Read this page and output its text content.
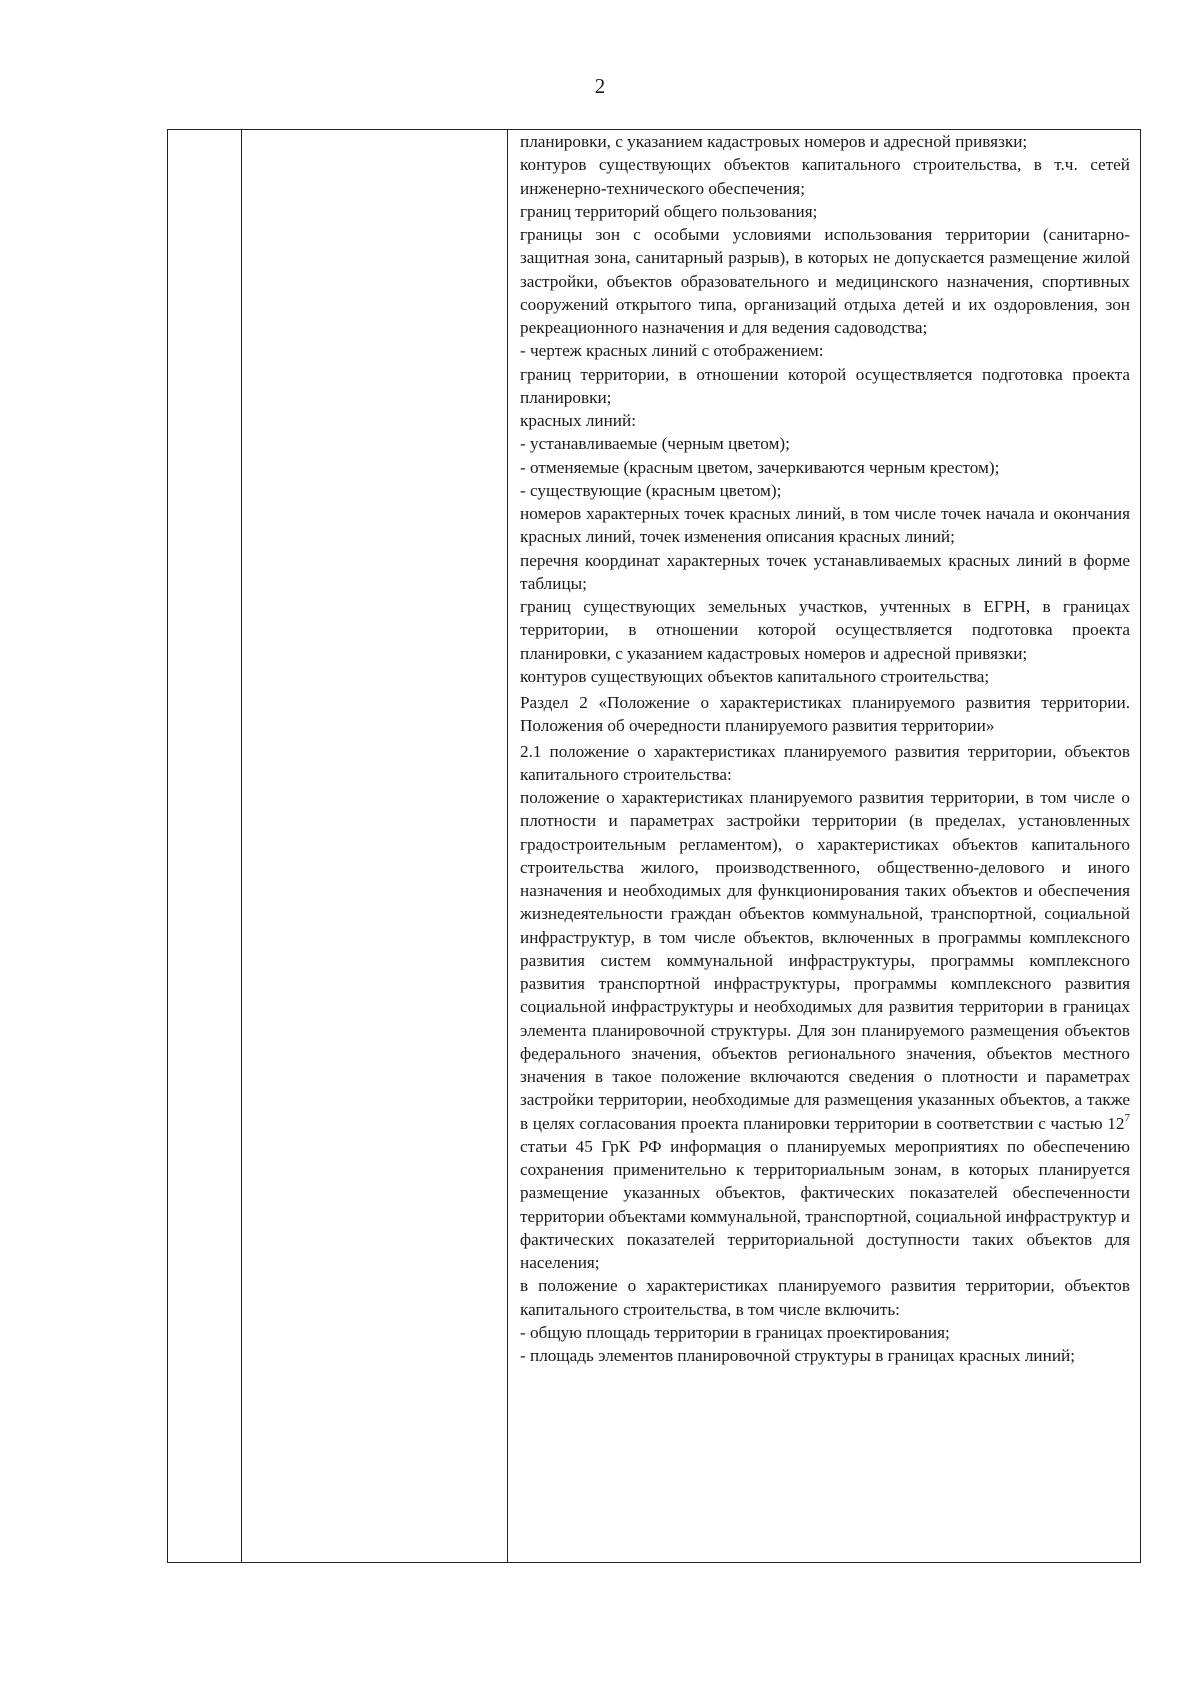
2

планировки, с указанием кадастровых номеров и адресной привязки;

контуров существующих объектов капитального строительства, в т.ч. сетей инженерно-технического обеспечения;

границ территорий общего пользования;

границы зон с особыми условиями использования территории (санитарно-защитная зона, санитарный разрыв), в которых не допускается размещение жилой застройки, объектов образовательного и медицинского назначения, спортивных сооружений открытого типа, организаций отдыха детей и их оздоровления, зон рекреационного назначения и для ведения садоводства;

- чертеж красных линий с отображением:

границ территории, в отношении которой осуществляется подготовка проекта планировки;

красных линий:

- устанавливаемые (черным цветом);

- отменяемые (красным цветом, зачеркиваются черным крестом);

- существующие (красным цветом);

номеров характерных точек красных линий, в том числе точек начала и окончания красных линий, точек изменения описания красных линий;

перечня координат характерных точек устанавливаемых красных линий в форме таблицы;

границ существующих земельных участков, учтенных в ЕГРН, в границах территории, в отношении которой осуществляется подготовка проекта планировки, с указанием кадастровых номеров и адресной привязки;

контуров существующих объектов капитального строительства;

Раздел 2 «Положение о характеристиках планируемого развития территории. Положения об очередности планируемого развития территории»

2.1 положение о характеристиках планируемого развития территории, объектов капитального строительства:

положение о характеристиках планируемого развития территории, в том числе о плотности и параметрах застройки территории (в пределах, установленных градостроительным регламентом), о характеристиках объектов капитального строительства жилого, производственного, общественно-делового и иного назначения и необходимых для функционирования таких объектов и обеспечения жизнедеятельности граждан объектов коммунальной, транспортной, социальной инфраструктур, в том числе объектов, включенных в программы комплексного развития систем коммунальной инфраструктуры, программы комплексного развития транспортной инфраструктуры, программы комплексного развития социальной инфраструктуры и необходимых для развития территории в границах элемента планировочной структуры. Для зон планируемого размещения объектов федерального значения, объектов регионального значения, объектов местного значения в такое положение включаются сведения о плотности и параметрах застройки территории, необходимые для размещения указанных объектов, а также в целях согласования проекта планировки территории в соответствии с частью $12^7$ статьи 45 ГрК РФ информация о планируемых мероприятиях по обеспечению сохранения применительно к территориальным зонам, в которых планируется размещение указанных объектов, фактических показателей обеспеченности территории объектами коммунальной, транспортной, социальной инфраструктур и фактических показателей территориальной доступности таких объектов для населения;

в положение о характеристиках планируемого развития территории, объектов капитального строительства, в том числе включить:

- общую площадь территории в границах проектирования;

- площадь элементов планировочной структуры в границах красных линий;
